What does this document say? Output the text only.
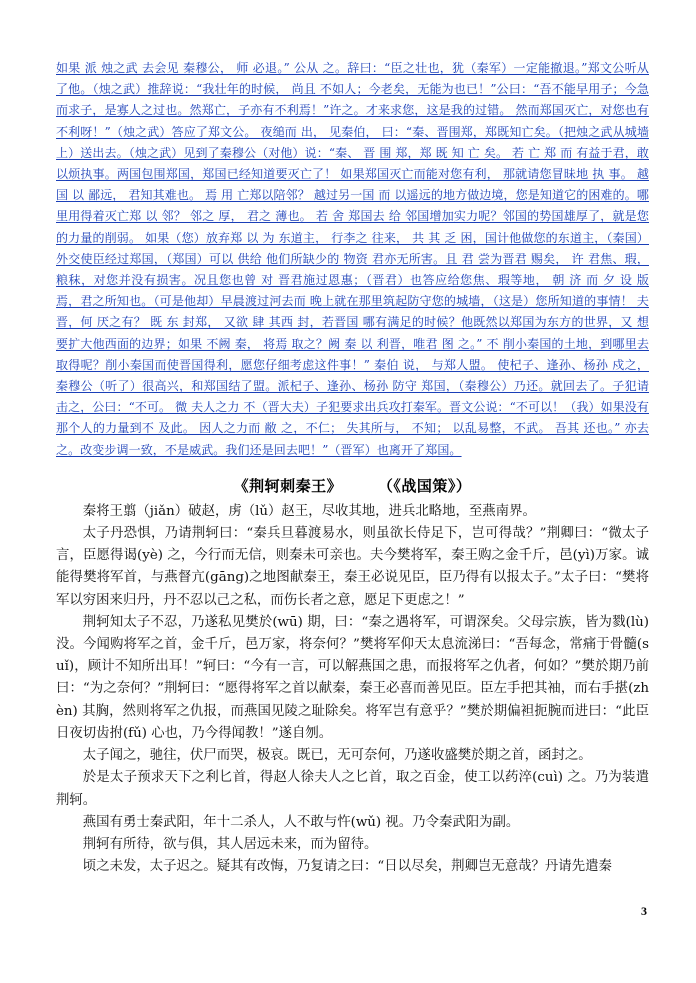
如果 派 烛之武 去会见 秦穆公， 师 必退。” 公从 之。辞曰：“臣之壮也，犹（秦军）一定能撤退。”郑文公听从了他。（烛之武）推辞说：“我壮年的时候， 尚且 不如人；今老矣，无能为也已！”公曰：“吾不能早用子；今急而求子，是寡人之过也。然郑亡，子亦有不利焉！”许之。才来求您，这是我的过错。 然而郑国灭亡，对您也有不利呀！”（烛之武）答应了郑文公。 夜缒而 出， 见秦伯， 曰：“秦、晋围郑，郑既知亡矣。（把烛之武从城墙上）送出去。（烛之武）见到了秦穆公（对他）说：“秦、 晋 围 郑，郑 既 知 亡 矣。 若 亡 郑 而 有益于君，敢以烦执事。两国包围郑国，郑国已经知道要灭亡了！ 如果郑国灭亡而能对您有利， 那就请您冒昧地 执 事。 越 国 以 鄙远， 君知其难也。 焉 用 亡郑以陪邻？ 越过另一国 而 以遥远的地方做边境，您是知道它的困难的。哪里用得着灭亡郑 以 邻？ 邻之 厚， 君之 薄也。 若 舍 郑国去 给 邻国增加实力呢？邻国的势国雄厚了，就是您的力量的削弱。 如果（您）放弃郑 以 为 东道主， 行李之 往来， 共 其 乏 困，国计他做您的东道主，（秦国）外交使臣经过郑国，（郑国）可以 供给 他们所缺少的 物资 君亦无所害。且 君 尝为晋君 赐矣， 许 君焦、瑕，粮秣，对您并没有损害。况且您也曾 对 晋君施过恩惠；（晋君）也答应给您焦、瑕等地， 朝 济 而 夕 设 版焉，君之所知也。（可是他却）早晨渡过河去而 晚上就在那里筑起防守您的城墙，（这是）您所知道的事情！ 夫晋，何 厌之有？ 既 东 封郑， 又欲 肆 其西 封，若晋国 哪有满足的时候？他既然以郑国为东方的世界，又 想要扩大他西面的边界；如果 不阙 秦， 将焉 取之？阙 秦 以 利晋，唯君 图 之。” 不 削小秦国的土地，到哪里去取得呢？削小秦国而使晋国得利，愿您仔细考虑这件事！” 秦伯 说， 与郑人盟。 使杞子、逢孙、杨孙 戍之，秦穆公（听了）很高兴，和郑国结了盟。派杞子、逢孙、杨孙 防守 郑国，（秦穆公）乃还。就回去了。子犯请 击之，公曰：“不可。 微 夫人之力 不（晋大夫）子犯要求出兵攻打秦军。晋文公说：“不可以！（我）如果没有那个人的力量到不 及此。 因人之力而 敝 之，不仁； 失其所与， 不知； 以乱易整，不武。 吾其 还也。” 亦去 之。改变步调一致，不是威武。我们还是回去吧！”（晋军）也离开了郑国。
《荆轲刺秦王》 （《战国策》）

秦将王翦（jiǎn）破赵，虏（lǔ）赵王，尽收其地，进兵北略地，至燕南界。

太子丹恐惧，乃请荆轲曰：“秦兵旦暮渡易水，则虽欲长侍足下，岂可得哉？”荆卿曰：“微太子言，臣愿得谒(yè) 之，今行而无信，则秦未可亲也。夫今樊将军，秦王购之金千斤，邑(yì)万家。诚能得樊将军首，与燕督亢(gāng)之地图献秦王，秦王必说见臣，臣乃得有以报太子。”太子曰：“樊将军以穷困来归丹，丹不忍以己之私，而伤长者之意，愿足下更虑之！”

荆轲知太子不忍，乃遂私见樊於(wū) 期，曰：“秦之遇将军，可谓深矣。父母宗族，皆为戮(lù) 没。今闻购将军之首，金千斤，邑万家，将奈何？”樊将军仰天太息流涕曰：“吾每念，常痛于骨髓(suǐ)，顾计不知所出耳！”轲曰：“今有一言，可以解燕国之患，而报将军之仇者，何如？”樊於期乃前曰：“为之奈何？”荆轲曰：“愿得将军之首以献秦，秦王必喜而善见臣。臣左手把其袖，而右手揕(zhèn) 其胸，然则将军之仇报，而燕国见陵之耻除矣。将军岂有意乎？”樊於期偏袒扼腕而进曰：“此臣日夜切齿拊(fǔ) 心也，乃今得闻教！”遂自刎。

太子闻之，驰往，伏尸而哭，极哀。既已，无可奈何，乃遂收盛樊於期之首，函封之。

於是太子预求天下之利匕首，得赵人徐夫人之匕首，取之百金，使工以药淬(cuì) 之。乃为装遣荆轲。

燕国有勇士秦武阳，年十二杀人，人不敢与忤(wǔ) 视。乃令秦武阳为副。

荆轲有所待，欲与俱，其人居远未来，而为留待。

顷之未发，太子迟之。疑其有改悔，乃复请之曰：“日以尽矣，荆卿岂无意哉？丹请先遣秦

3
